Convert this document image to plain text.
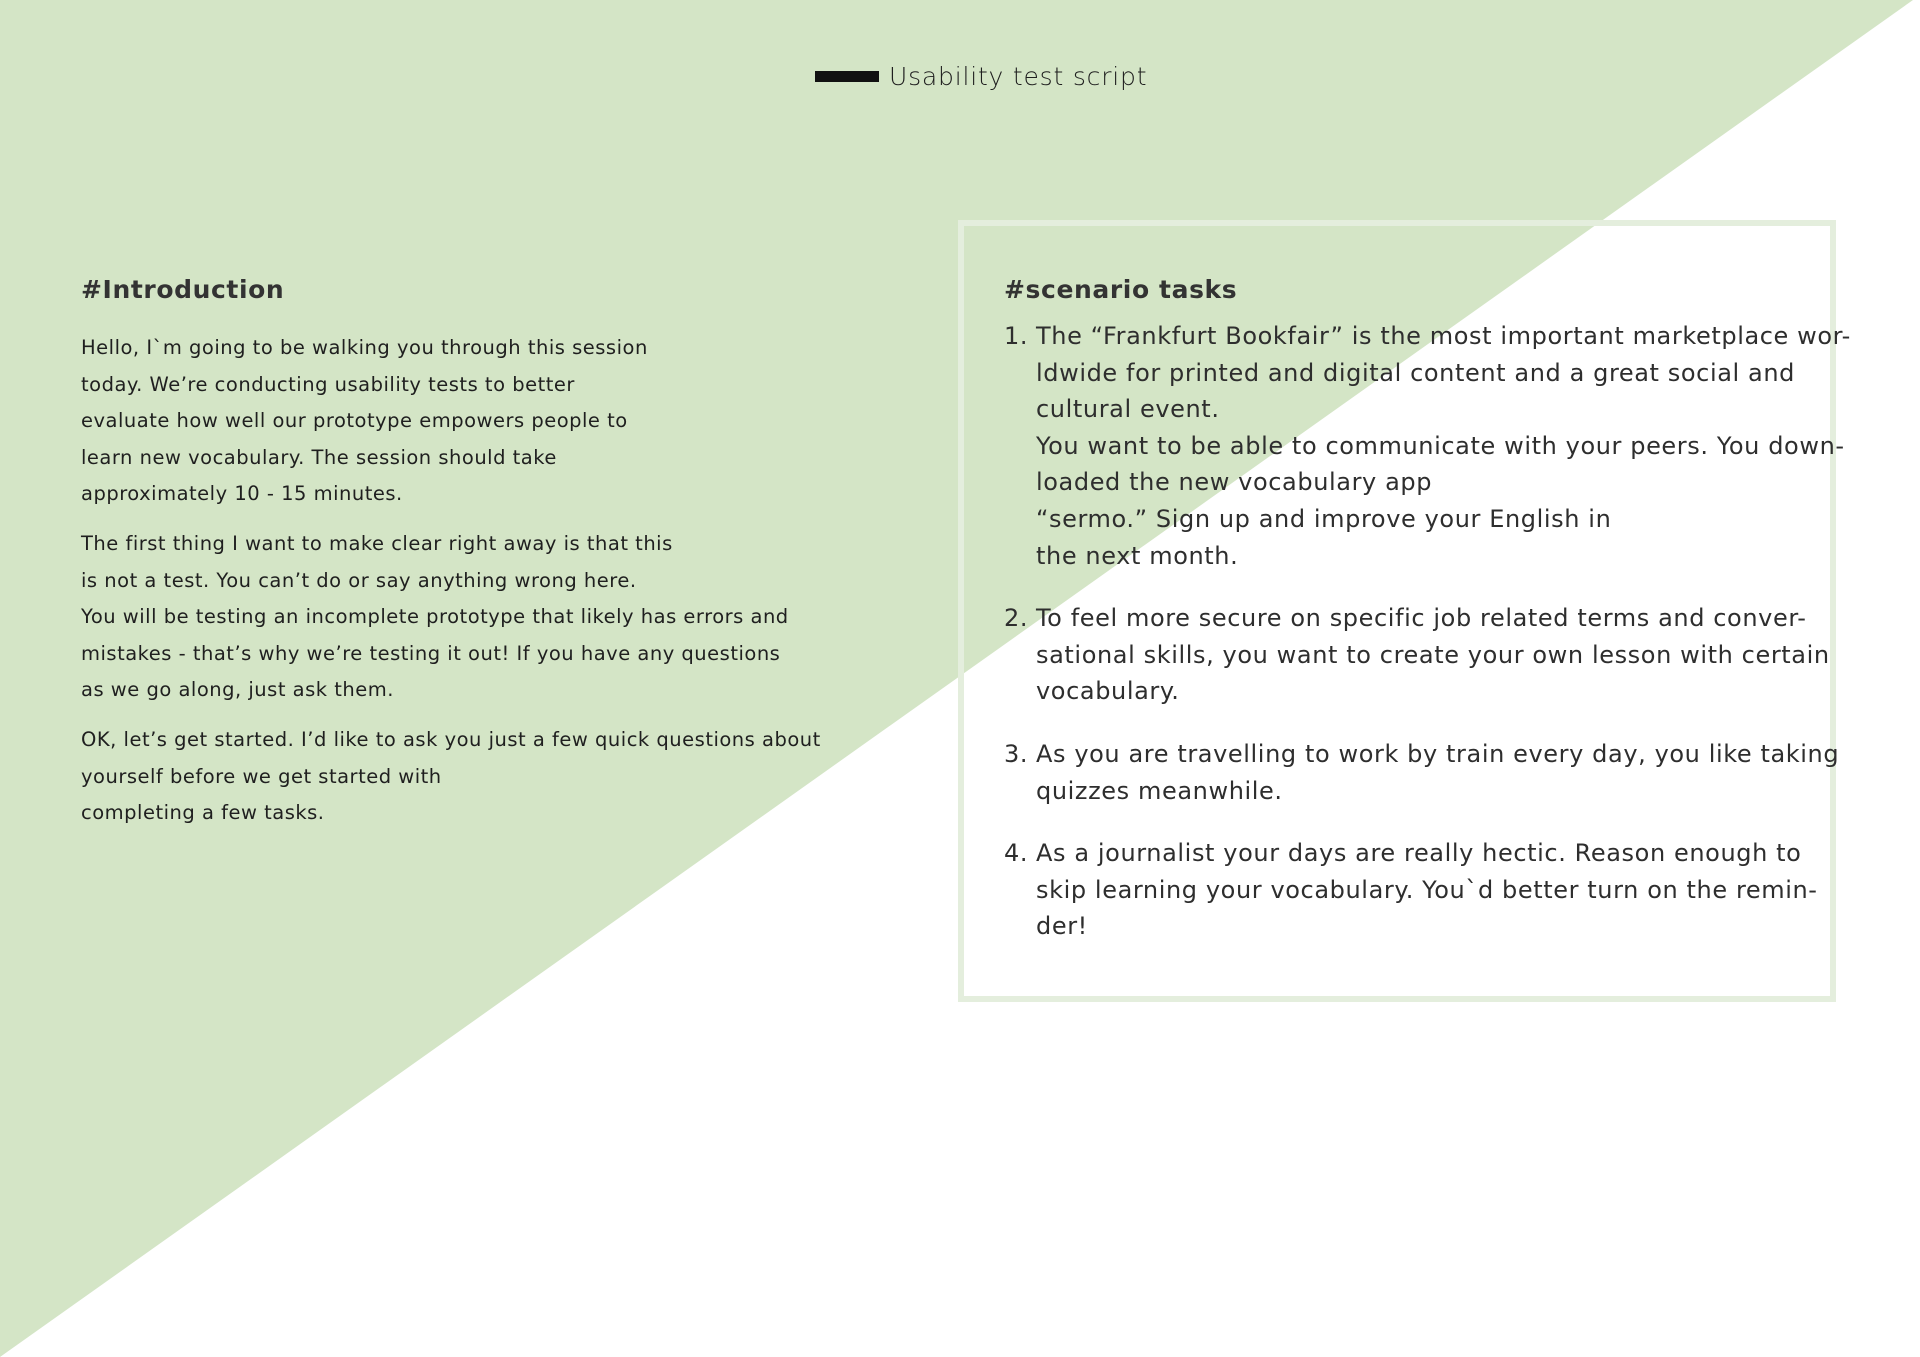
Usability test script
#Introduction

Hello, I`m going to be walking you through this session
today. We’re conducting usability tests to better
evaluate how well our prototype empowers people to
learn new vocabulary. The session should take
approximately 10 - 15 minutes.

The first thing I want to make clear right away is that this
is not a test. You can’t do or say anything wrong here.
You will be testing an incomplete prototype that likely has errors and
mistakes - that’s why we’re testing it out! If you have any questions
as we go along, just ask them.

OK, let’s get started. I’d like to ask you just a few quick questions about
yourself before we get started with
completing a few tasks.

#scenario tasks
1. The “Frankfurt Bookfair” is the most important marketplace wor-
ldwide for printed and digital content and a great social and
cultural event.
You want to be able to communicate with your peers. You down-
loaded the new vocabulary app
“sermo.” Sign up and improve your English in
the next month.
2. To feel more secure on specific job related terms and conver-
sational skills, you want to create your own lesson with certain
vocabulary.
3. As you are travelling to work by train every day, you like taking
quizzes meanwhile.
4. As a journalist your days are really hectic. Reason enough to
skip learning your vocabulary. You`d better turn on the remin-
der!
